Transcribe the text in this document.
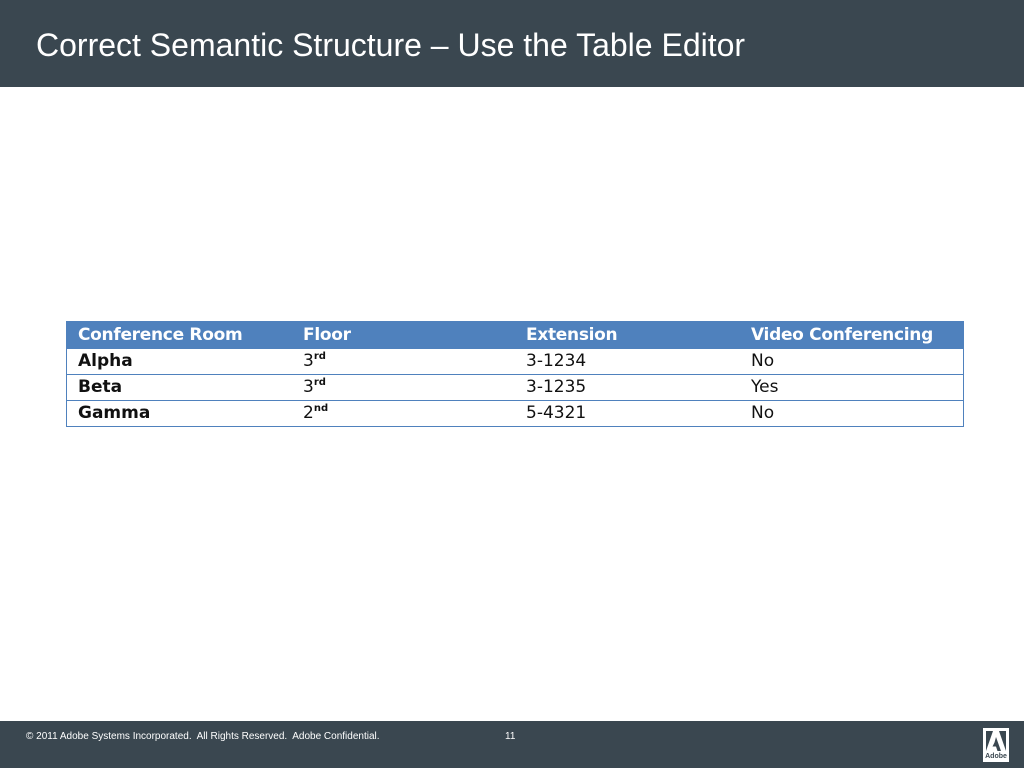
Correct Semantic Structure – Use the Table Editor
Conference Room	Floor	Extension	Video Conferencing
Alpha	3rd	3-1234	No
Beta	3rd	3-1235	Yes
Gamma	2nd	5-4321	No
© 2011 Adobe Systems Incorporated.  All Rights Reserved.  Adobe Confidential.	11
Adobe
